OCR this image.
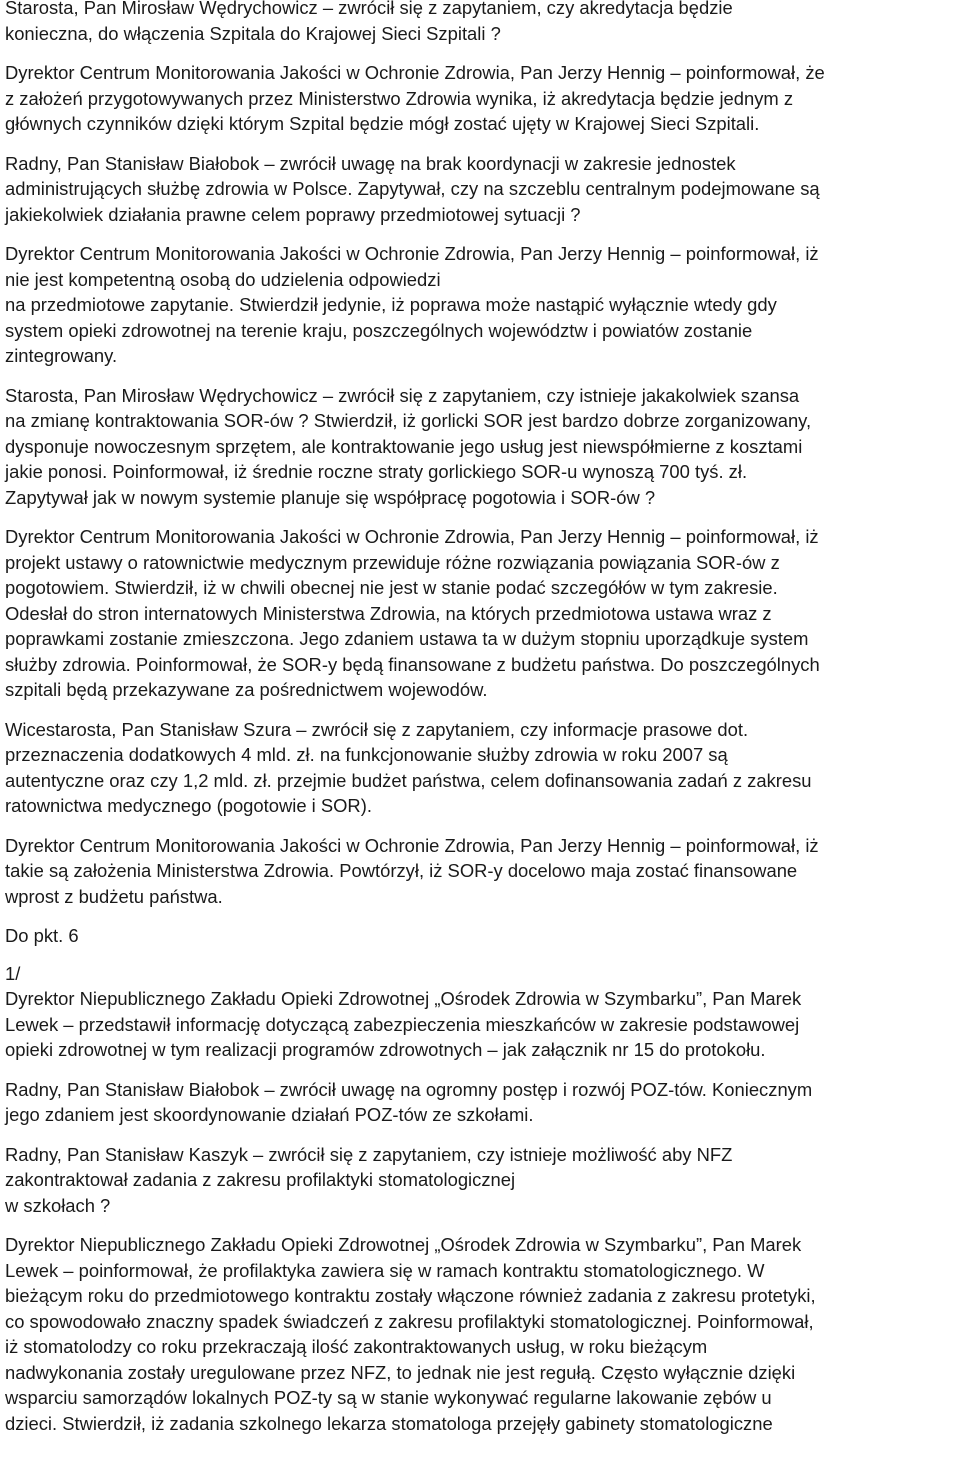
Starosta, Pan Mirosław Wędrychowicz – zwrócił się z zapytaniem, czy akredytacja będzie
konieczna, do włączenia Szpitala do Krajowej Sieci Szpitali ?

Dyrektor Centrum Monitorowania Jakości w Ochronie Zdrowia, Pan Jerzy Hennig – poinformował, że
z założeń przygotowywanych przez Ministerstwo Zdrowia wynika, iż akredytacja będzie jednym z
głównych czynników dzięki którym Szpital będzie mógł zostać ujęty w Krajowej Sieci Szpitali.

Radny, Pan Stanisław Białobok – zwrócił uwagę na brak koordynacji w zakresie jednostek
administrujących służbę zdrowia w Polsce. Zapytywał, czy na szczeblu centralnym podejmowane są
jakiekolwiek działania prawne celem poprawy przedmiotowej sytuacji ?

Dyrektor Centrum Monitorowania Jakości w Ochronie Zdrowia, Pan Jerzy Hennig – poinformował, iż
nie jest kompetentną osobą do udzielenia odpowiedzi
na przedmiotowe zapytanie. Stwierdził jedynie, iż poprawa może nastąpić wyłącznie wtedy gdy
system opieki zdrowotnej na terenie kraju, poszczególnych województw i powiatów zostanie
zintegrowany.

Starosta, Pan Mirosław Wędrychowicz – zwrócił się z zapytaniem, czy istnieje jakakolwiek szansa
na zmianę kontraktowania SOR-ów ? Stwierdził, iż gorlicki SOR jest bardzo dobrze zorganizowany,
dysponuje nowoczesnym sprzętem, ale kontraktowanie jego usług jest niewspółmierne z kosztami
jakie ponosi. Poinformował, iż średnie roczne straty gorlickiego SOR-u wynoszą 700 tyś. zł.
Zapytywał jak w nowym systemie planuje się współpracę pogotowia i SOR-ów ?

Dyrektor Centrum Monitorowania Jakości w Ochronie Zdrowia, Pan Jerzy Hennig – poinformował, iż
projekt ustawy o ratownictwie medycznym przewiduje różne rozwiązania powiązania SOR-ów z
pogotowiem. Stwierdził, iż w chwili obecnej nie jest w stanie podać szczegółów w tym zakresie.
Odesłał do stron internatowych Ministerstwa Zdrowia, na których przedmiotowa ustawa wraz z
poprawkami zostanie zmieszczona. Jego zdaniem ustawa ta w dużym stopniu uporządkuje system
służby zdrowia. Poinformował, że SOR-y będą finansowane z budżetu państwa. Do poszczególnych
szpitali będą przekazywane za pośrednictwem wojewodów.

Wicestarosta, Pan Stanisław Szura – zwrócił się z zapytaniem, czy informacje prasowe dot.
przeznaczenia dodatkowych 4 mld. zł. na funkcjonowanie służby zdrowia w roku 2007 są
autentyczne oraz czy 1,2 mld. zł. przejmie budżet państwa, celem dofinansowania zadań z zakresu
ratownictwa medycznego (pogotowie i SOR).

Dyrektor Centrum Monitorowania Jakości w Ochronie Zdrowia, Pan Jerzy Hennig – poinformował, iż
takie są założenia Ministerstwa Zdrowia. Powtórzył, iż SOR-y docelowo maja zostać finansowane
wprost z budżetu państwa.

Do pkt. 6

1/
Dyrektor Niepublicznego Zakładu Opieki Zdrowotnej „Ośrodek Zdrowia w Szymbarku”, Pan Marek
Lewek – przedstawił informację dotyczącą zabezpieczenia mieszkańców w zakresie podstawowej
opieki zdrowotnej w tym realizacji programów zdrowotnych – jak załącznik nr 15 do protokołu.

Radny, Pan Stanisław Białobok – zwrócił uwagę na ogromny postęp i rozwój POZ-tów. Koniecznym
jego zdaniem jest skoordynowanie działań POZ-tów ze szkołami.

Radny, Pan Stanisław Kaszyk – zwrócił się z zapytaniem, czy istnieje możliwość aby NFZ
zakontraktował zadania z zakresu profilaktyki stomatologicznej
w szkołach ?

Dyrektor Niepublicznego Zakładu Opieki Zdrowotnej „Ośrodek Zdrowia w Szymbarku”, Pan Marek
Lewek – poinformował, że profilaktyka zawiera się w ramach kontraktu stomatologicznego. W
bieżącym roku do przedmiotowego kontraktu zostały włączone również zadania z zakresu protetyki,
co spowodowało znaczny spadek świadczeń z zakresu profilaktyki stomatologicznej. Poinformował,
iż stomatolodzy co roku przekraczają ilość zakontraktowanych usług, w roku bieżącym
nadwykonania zostały uregulowane przez NFZ, to jednak nie jest regułą. Często wyłącznie dzięki
wsparciu samorządów lokalnych POZ-ty są w stanie wykonywać regularne lakowanie zębów u
dzieci. Stwierdził, iż zadania szkolnego lekarza stomatologa przejęły gabinety stomatologiczne
